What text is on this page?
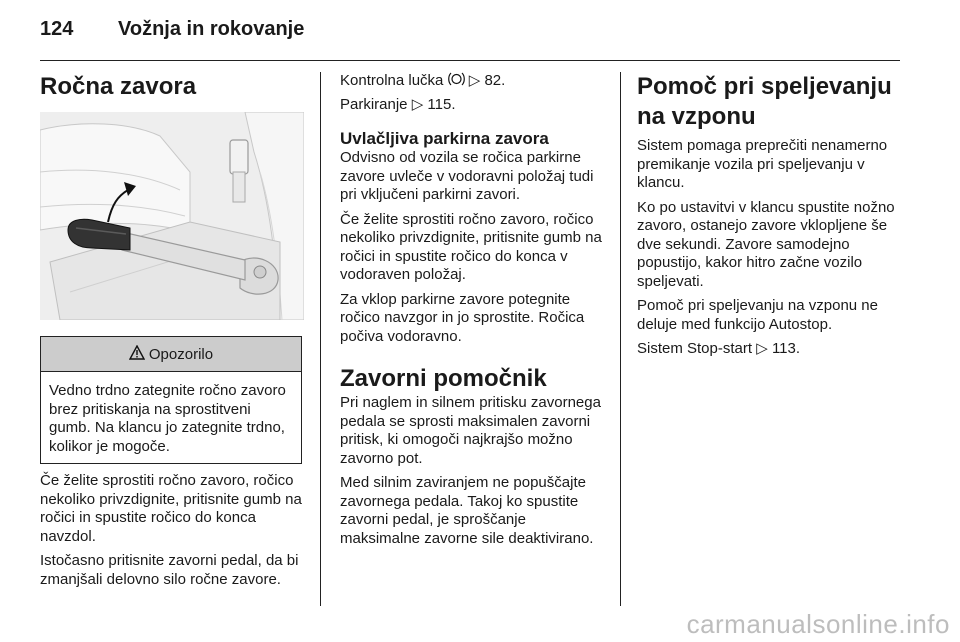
124 Vožnja in rokovanje
Ročna zavora
Opozorilo

Vedno trdno zategnite ročno zavoro brez pritiskanja na sprostitveni gumb. Na klancu jo zategnite trdno, kolikor je mogoče.

Če želite sprostiti ročno zavoro, ročico nekoliko privzdignite, pritisnite gumb na ročici in spustite ročico do konca navzdol.

Istočasno pritisnite zavorni pedal, da bi zmanjšali delovno silo ročne zavore.

Kontrolna lučka ▷ 82.

Parkiranje ▷ 115.

Uvlačljiva parkirna zavora

Odvisno od vozila se ročica parkirne zavore uvleče v vodoravni položaj tudi pri vključeni parkirni zavori.

Če želite sprostiti ročno zavoro, ročico nekoliko privzdignite, pritisnite gumb na ročici in spustite ročico do konca v vodoraven položaj.

Za vklop parkirne zavore potegnite ročico navzgor in jo sprostite. Ročica počiva vodoravno.

Zavorni pomočnik

Pri naglem in silnem pritisku zavornega pedala se sprosti maksimalen zavorni pritisk, ki omogoči najkrajšo možno zavorno pot.

Med silnim zaviranjem ne popuščajte zavornega pedala. Takoj ko spustite zavorni pedal, je sproščanje maksimalne zavorne sile deaktivirano.

Pomoč pri speljevanju na vzponu

Sistem pomaga preprečiti nenamerno premikanje vozila pri speljevanju v klancu.

Ko po ustavitvi v klancu spustite nožno zavoro, ostanejo zavore vklopljene še dve sekundi. Zavore samodejno popustijo, kakor hitro začne vozilo speljevati.

Pomoč pri speljevanju na vzponu ne deluje med funkcijo Autostop.

Sistem Stop-start ▷ 113.

carmanualsonline.info
